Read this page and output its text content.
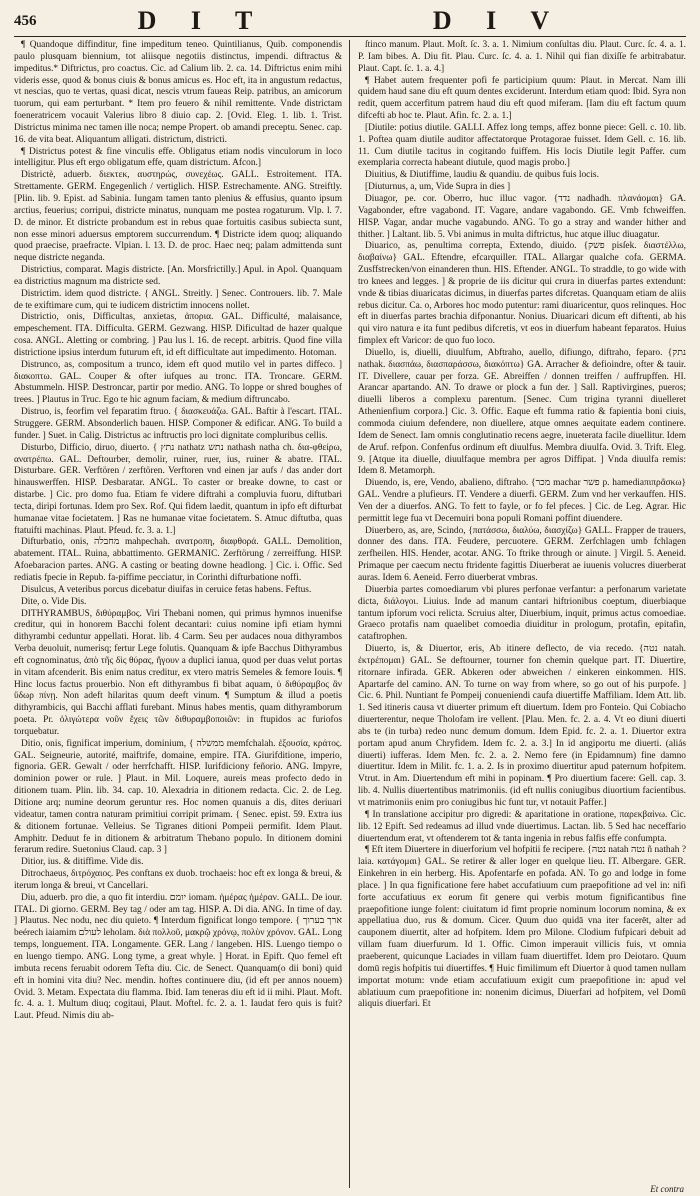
456	D I T	D I V

¶ Quandoque diffinditur, fine impeditum teneo. Quintilianus, Quib. componendis paulo plusquam biennium, tot aliisque negotiis distinctus, impendi. diftractus & impeditus.* Diftrictus, pro coactus. Cic. ad Calium lib. 2. ca. 14. Diftrictus enim mihi videris esse, quod & bonus ciuis & bonus amicus es. Hoc eft, ita in angustum redactus, vt nescias, quo te vertas, quasi dicat, nescis vtrum faueas Reip. patribus, an amicorum tuorum, qui eam perturbant. * Item pro feuero & nihil remittente. Vnde districtam foeneratricem vocauit Valerius libro 8 diuio cap. 2. [Ovid. Eleg. 1. lib. 1. Trist. Districtus minima nec tamen ille noca; nempe Propert. ob amandi preceptu. Senec. cap. 16. de vita beat. Aliquantum alligati. districtum, districti.

¶ Districtus potest & fine vinculis effe. Obligatus etiam nodis vinculorum in loco intelligitur. Plus eft ergo obligatum effe, quam districtum. Afcon.]

Districtè, aduerb. διεκτεκ, αυστηρώς, συνεχέως. GALL. Estroitement. ITA. Strettamente. GERM. Engegenlich / vertiglich. HISP. Estrechamente. ANG. Streiftly. [Plin. lib. 9. Epist. ad Sabinia. Iungam tamen tanto plenius & effusius, quanto ipsum arctius, feuerius; corripui, districte minatus, nunquam me postea rogaturum. Vlp. l. 7. D. de minor. Et districte probandum est in rebus quae fortuitis casibus subiecta sunt, non esse minori aduersus emptorem succurrendum. ¶ Districte idem quoq; aliquando quod praecise, praefracte. Vlpian. l. 13. D. de proc. Haec neq; palam admittenda sunt neque districte neganda.

Districtius, comparat. Magis districte. [An. Morsfrictilly.] Apul. in Apol. Quanquam ea districtius magnum ma districte sed.

Districtim. idem quod districte. { ANGL. Streitly. ] Senec. Controuers. lib. 7. Male de te exiftimare cum, qui te iudicem districtim innocens nollet.

Districtio, onis, Difficultas, anxietas, ἀπορια. GAL. Difficulté, malaisance, empeschement. ITA. Difficulta. GERM. Gezwang. HISP. Dificultad de hazer qualque cosa. ANGL. Aletting or combring. ] Pau lus l. 16. de recept. arbitris. Quod fine villa districtione ipsius interdum futurum eft, id eft difficultate aut impedimento. Hotoman.

Distrunco, as, compositum a trunco, idem eft quod mutilo vel in partes diffeco. ] διακοπτω. GAL. Couper & ofter iufques au tronc. ITA. Troncare. GERM. Abstummeln. HISP. Destroncar, partir por medio. ANG. To loppe or shred boughes of trees. ] Plautus in Truc. Ego te hic agnum faciam, & medium diftruncabo.

Distruo, is, feorfim vel feparatim ftruo. { διασκευάζω. GAL. Baftir à l'escart. ITAL. Struggere. GERM. Absonderlich bauen. HISP. Componer & edificar. ANG. To build a funder. ] Suet. in Calig. Districtus ac inftructis pro loci dignitate compluribus cellis.

Disturbo, Difficio, diruo, diuerto. { נתץ nathatz נתש nathash natha ch. δια-φθείρω, ανατρέπω. GAL. Deftourber, demolir, ruiner, ruer, ius, ruiner & abatre. ITAL. Disturbare. GER. Verftören / zerftören. Verftoren vnd einen jar aufs / das ander dort hinauswerffen. HISP. Desbaratar. ANGL. To caster or breake downe, to cast or distarbe. ] Cic. pro domo fua. Etiam fe videre diftrahi a compluvia fuoru, diftutbari tecta, diripi fortunas. Idem pro Sex. Rof. Qui fidem laedit, quantum in ipfo eft difturbat humanae vitae focietatem. ] Ras ne humanae vitae focietatem. S. Atnuc diftutba, quas ftatuifti machinas. Plaut. Pfeud. fc. 3. a. 1.]

Difturbatio, onis, מחבלה mahpechah. ανατροπη, διαφθορά. GALL. Demolition, abatement. ITAL. Ruina, abbattimento. GERMANIC. Zerftörung / zerreiffung. HISP. Afoebaracion partes. ANG. A casting or beating downe headlong. ] Cic. i. Offic. Sed rediatis fpecie in Repub. fa-piffime pecciatur, in Corinthi difturbatione noffi.

Disulcus, A veteribus porcus dicebatur diuifas in ceruice fetas habens. Feftus.

Dite, o. Vide Dis.

DITHYRAMBUS, διθύραμβος. Viri Thebani nomen, qui primus hymnos inuenifse creditur, qui in honorem Bacchi folent decantari: cuius nomine ipfi etiam hymni dithyrambi ceduntur appellati. Horat. lib. 4 Carm. Seu per audaces noua dithyrambos Verba deuoluit, numerisq; fertur Lege folutis. Quanquam & ipfe Bacchus Dithyrambus eft cognominatus, ἀπὸ τῆς δὶς θύρας, ἤγουν a duplici ianua, quod per duas velut portas in vitam afcenderit. Bis enim natus creditur, ex vtero matris Semeles & femore Iouis. ¶ Hinc locus factus prouerbio. Non eft dithyrambus fi bibat aquam, ὐ διθύραμβος ἂν ὕδωρ πίνῃ. Non adeft hilaritas quum deeft vinum. ¶ Sumptum & illud a poetis dithyrambicis, qui Bacchi afflati furebant. Minus habes mentis, quam dithyramborum poeta. Pr. ὀλιγώτερα νοῦν ἔχεις τῶν διθυραμβοποιῶν: in ftupidos ac furiofos torquebatur.

Ditio, onis, fignificat imperium, dominium, { ממשלה memfchalah. ἐξουσία, κράτος. GAL. Seigneurie, autorité, maiftrife, domaine, empire. ITA. Giurifditione, imperio, fignoria. GER. Gewalt / oder herrfchafft. HISP. Iurifdiciony feñorio. ANG. Impyre, dominion power or rule. ] Plaut. in Mil. Loquere, aureis meas profecto dedo in ditionem tuam. Plin. lib. 34. cap. 10. Alexadria in ditionem redacta. Cic. 2. de Leg. Ditione arq; numine deorum geruntur res. Hoc nomen quanuis a dis, dites deriuari videatur, tamen contra naturam primitiui corripit primam. { Senec. epist. 59. Extra ius & ditionem fortunae. Velleius. Se Tigranes ditioni Pompeii permifit. Idem Plaut. Amphitr. Deduut fe in ditionem & arbitratum Thebano populo. In ditionem domini ferarum redire. Suetonius Claud. cap. 3 ]

Ditior, ius. & ditiffime. Vide dis.

Ditrochaeus, διτρόχαιος. Pes conftans ex duob. trochaeis: hoc eft ex longa & breui, & iterum longa & breui, vt Cancellari.

Diu, aduerb. pro die, a quo fit interdiu. יומם iomam. ἡμέρας ἡμέραν. GALL. De iour. ITAL. Di giorno. GERM. Bey tag / oder am tag. HISP. A. Di dia. ANG. In time of day. ] Plautus. Nec nodu, nec diu quieto. ¶ Interdum fignificat longo tempore. { ארך בערוך beérech iaiamim לעולם leholam. διὰ πολλοῦ, μακρῷ χρόνῳ, πολὺν χρόνον. GAL. Long temps, longuement. ITA. Longamente. GER. Lang / langeben. HIS. Luengo tiempo o en luengo tiempo. ANG. Long tyme, a great whyle. ] Horat. in Epift. Quo femel eft imbuta recens feruabit odorem Tefta diu. Cic. de Senect. Quanquam(o dii boni) quid eft in homini vita diu? Nec. mendin. hoftes continuere diu, (id eft per annos nouem) Ovid. 3. Metam. Expectata diu flamma. Ibid. Iam teneras diu eft id ii mihi. Plaut. Moft. fc. 4. a. 1. Multum diuq; cogitaui, Plaut. Moftel. fc. 2. a. 1. Iaudat fero quis is fuit? Laut. Pfeud. Nimis diu ab-

ſtinco manum. Plaut. Moſt. ſc. 3. a. 1. Nimium conſultas diu. Plaut. Curc. ſc. 4. a. 1. P. Iam bibes. A. Diu fit. Plau. Curc. ſc. 4. a. 1. Nihil qui fian dixiſſe fe arbitrabatur. Plaut. Capt. ſc. 1. a. 4.]

¶ Habet autem frequenter pofi fe participium quum: Plaut. in Mercat. Nam illi quidem haud sane diu eft quum dentes exciderunt. Interdum etiam quod: Ibid. Syra non redit, quem accerfitum patrem haud diu eft quod miferam. [Iam diu eft factum quum difcefti ab hoc te. Plaut. Afin. fc. 2. a. 1.]

[Diutile: potius diutile. GALLI. Affez long temps, affez bonne piece: Gell. c. 10. lib. 1. Poftea quam diutile auditor affectatorque Protagorae fuisset. Idem Gell. c. 16. lib. 11. Cum diutile tacitus in cogitando fuiffem. His locis Diutile legit Paffer. cum exemplaria correcta habeant diutule, quod magis probo.]

Diuitius, & Diutiffime, laudiu & quandiu. de quibus fuis locis.

[Diuturnus, a, um, Vide Supra in dies ]

Diuagor, pe. cor. Oberro, huc illuc vagor. {נדד nadhadh. πλανάομαι} GA. Vagabonder, eftre vagabond. IT. Vagare, andare vagabondo. GE. Vmb fchweiffen. HISP. Vagar, andar muche vagabundo. ANG. To go a stray and wander hither and thither. ] Laltant. lib. 5. Vbi animus in multa diftrictus, huc atque illuc diuagatur.

Diuarico, as, penultima correpta, Extendo, diuido. {פשק pisſek. διαστέλλω, διαβαίνω} GAL. Eftendre, efcarquiller. ITAL. Allargar qualche cofa. GERMA. Zusffstrecken/von einanderen thun. HIS. Eftender. ANGL. To straddle, to go wide with tro knees and legges. ] & proprie de iis dicitur qui crura in diuerfas partes extendunt: vnde & tibias diuaricatas dicimus, in diuerfas partes difcretas. Quanquam etiam de aliis rebus dicitur. Ca. o, Arbores hoc modo putentur: rami diuaricentur, quos relinques. Hoc eft in diuerfas partes brachia difponantur. Nonius. Diuaricari dicum eft diftenti, ab his qui viro natura e ita funt pedibus difcretis, vt eos in diuerfum habeant feparatos. Huius fimplex eft Varicor: de quo fuo loco.

Diuello, is, diuelli, diuulfum, Abftraho, auello, difiungo, diftraho, feparo. {נתק nathak. διασπάω, διασπαράσσω, διακόπτω} GA. Arracher & defioindre, ofter & tauir. IT. Divellere, cauar per forza. GE. Abreiffen / donnen treiffen / auffrupffen. HI. Arancar apartando. AN. To drawe or plock a fun der. ] Sall. Raptivirgines, pueros; diuelli liberos a complexu parentum. [Senec. Cum trigina tyranni diuelleret Athenienfium corpora.] Cic. 3. Offic. Eaque eft fumma ratio & fapientia boni ciuis, commoda ciuium defendere, non diuellere, atque omnes aequitate eadem continere. Idem de Senect. Iam omnis conglutinatio recens aegre, inueterata facile diuellitur. Idem de Aruf. refpon. Confenfus ordinum eft diuulfus. Membra diuulfa. Ovid. 3. Trift. Eleg. 9. [Atque ita diuelle, diuulfaque membra per agros Diffipat. ] Vnda diuulfa remis: Idem 8. Metamorph.

Diuendo, is, ere, Vendo, abalieno, diftraho. {מכר machar פשר p. hamediaπιπρᾶσκω} GAL. Vendre a plufieurs. IT. Vendere a diuerfi. GERM. Zum vnd her verkauffen. HIS. Ven der a diuerfos. ANG. To fett to fayle, or fo fel pfeces. ] Cic. de Leg. Agrar. Hic permittit lege fua vt Decemuiri bona populi Romani poffint diuendere.

Diuerbero, as, are, Scindo, {πατάσσω, διαλύω, διασχίζω} GALL. Frapper de trauers, donner des dans. ITA. Feudere, percuotere. GERM. Zerfchlagen umb fchlagen zerfheilen. HIS. Hender, acotar. ANG. To ftrike through or ainute. ] Virgil. 5. Aeneid. Primaque per caecum nectu ftridente fagittis Diuerberat ae iuuenis volucres diuerberat auras. Idem 6. Aeneid. Ferro diuerberat vmbras.

Diuerbia partes comoediarum vbi plures perfonae verfantur: a perfonarum varietate dicta, διάλογοι. Liuius. Inde ad manum cantari hiftrionibus coeptum, diuerbiaque tantum ipforum voci relicta. Scruius alter, Diuerbium, inquit, primus actus comoediae. Graeco protafis nam quaelibet comoedia diuiditur in prologum, protafin, epitafin, cataftrophen.

Diuerto, is, & Diuertor, eris, Ab itinere deflecto, de via recedo. {נטה natah. ἐκτρέπομαι} GAL. Se deftourner, tourner fon chemin quelque part. IT. Diuertire, ritornare infirada. GER. Abkeren oder abweichen / einkeren einkommen. HIS. Apartarfe del camino. AN. To turne on way from where, so go out of his purpofe. ] Cic. 6. Phil. Nuntiant fe Pompeij conueniendi caufa diuertiffe Maffiliam. Idem Att. lib. 1. Sed itineris causa vt diuerter primum eft diuertum. Idem pro Fonteio. Qui Cobiacho diuerterentur, neque Tholofam ire vellent. [Plau. Men. fc. 2. a. 4. Vt eo diuni diuerti abs te (in turba) redeo nunc demum domum. Idem Epid. fc. 2. a. 1. Diuertor extra portam apud anum Chryfidem. Idem fc. 2. a. 3.] In id angiportu me diuerti. (aliás diuerti) iufferas. Idem Men. fc. 2. a. 2. Nemo fere (in Epidamnum) fine damno diuertitur. Idem in Milit. fc. 1. a. 2. Is in proximo diuertitur apud paternum hofpitem. Vtrut. in Am. Diuertendum eft mihi in popinam. ¶ Pro diuertium facere: Gell. cap. 3. lib. 4. Nullis diuertentibus matrimoniis. (id eft nullis coniugibus diuortium facientibus. vt matrimoniis enim pro coniugibus hic funt tur, vt notauit Paffer.]

¶ In translatione accipitur pro digredi: & aparitatione in oratione, παρεκβαίνω. Cic. lib. 12 Epift. Sed redeamus ad illud vnde diuertimus. Lactan. lib. 5 Sed hac neceffario diuertendum erat, vt oftenderem tot & tanta ingenia in rebus falfis effe confumpta.

¶ Eft item Diuertere in diuerforium vel hofpitii fe recipere. {נטה natah נטה ñ nathah ? laia. κατάγομαι} GAL. Se retirer & aller loger en quelque lieu. IT. Albergare. GER. Einkehren in ein herberg. His. Apofentarfe en pofada. AN. To go and lodge in fome place. ] In qua fignificatione fere habet accufatiuum cum praepofitione ad vel in: nifi forte accufatiuus ex eorum fit genere qui verbis motum fignificantibus fine praepofitione iunge folent: ciuitatum id fimt proprie nominum locorum nomina, & ex appellatiua duo, rus & domum. Cicer. Quum duo quidā vna iter facerēt, alter ad cauponem diuertit, alter ad hofpitem. Idem pro Milone. Clodium fufpicari debuit ad villam fuam diuerfurum. Id 1. Offic. Cimon imperauit villicis fuis, vt omnia praeberent, quicunque Laciades in villam fuam diuertiffet. Idem pro Deiotaro. Quum domū regis hofpitis tui diuertiffes. ¶ Huic fimilimum eft Diuertor à quod tamen nullam importat motum: vnde etiam accufatiuum exigit cum praepofitione in: apud vel ablatiuum cum praepofitione in: nonenim dicimus, Diuerfari ad hofpitem, vel Domū aliquis diuerfari. Et

Et contra
